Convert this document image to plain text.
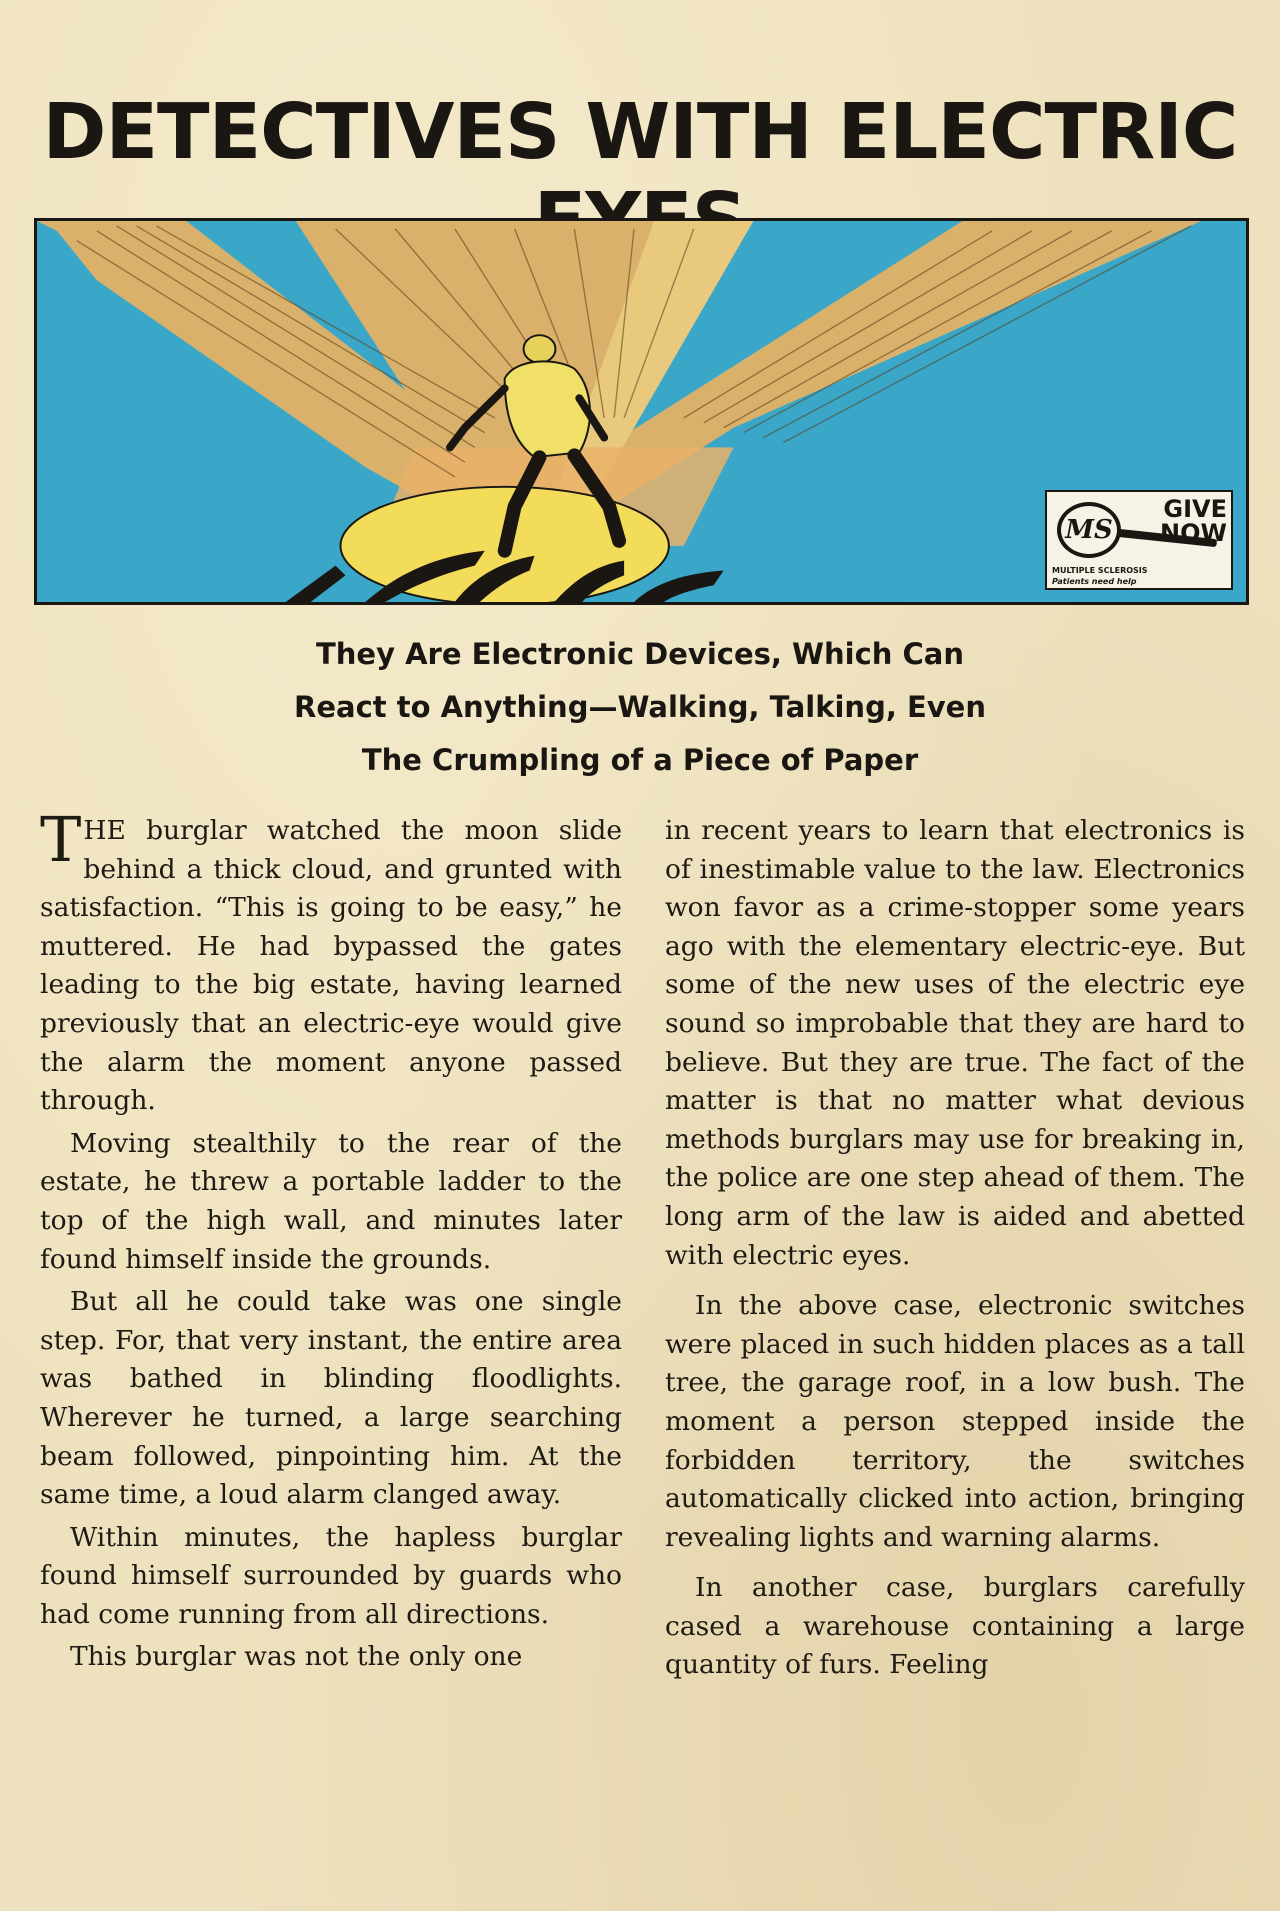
DETECTIVES WITH ELECTRIC
MS
GIVE
NOW
MULTIPLE SCLEROSIS
Patients need help
They Are Electronic Devices, Which Can
React to Anything—Walking, Talking, Even
The Crumpling of a Piece of Paper

THE burglar watched the moon slide behind a thick cloud, and grunted with satisfaction. “This is going to be easy,” he muttered. He had bypassed the gates leading to the big estate, having learned previously that an electric-eye would give the alarm the moment anyone passed through.

Moving stealthily to the rear of the estate, he threw a portable ladder to the top of the high wall, and minutes later found himself inside the grounds.

But all he could take was one single step. For, that very instant, the entire area was bathed in blinding floodlights. Wherever he turned, a large searching beam followed, pinpointing him. At the same time, a loud alarm clanged away.

Within minutes, the hapless burglar found himself surrounded by guards who had come running from all directions.

This burglar was not the only one

in recent years to learn that electronics is of inestimable value to the law. Electronics won favor as a crime-stopper some years ago with the elementary electric-eye. But some of the new uses of the electric eye sound so improbable that they are hard to believe. But they are true. The fact of the matter is that no matter what devious methods burglars may use for breaking in, the police are one step ahead of them. The long arm of the law is aided and abetted with electric eyes.

In the above case, electronic switches were placed in such hidden places as a tall tree, the garage roof, in a low bush. The moment a person stepped inside the forbidden territory, the switches automatically clicked into action, bringing revealing lights and warning alarms.

In another case, burglars carefully cased a warehouse containing a large quantity of furs. Feeling
